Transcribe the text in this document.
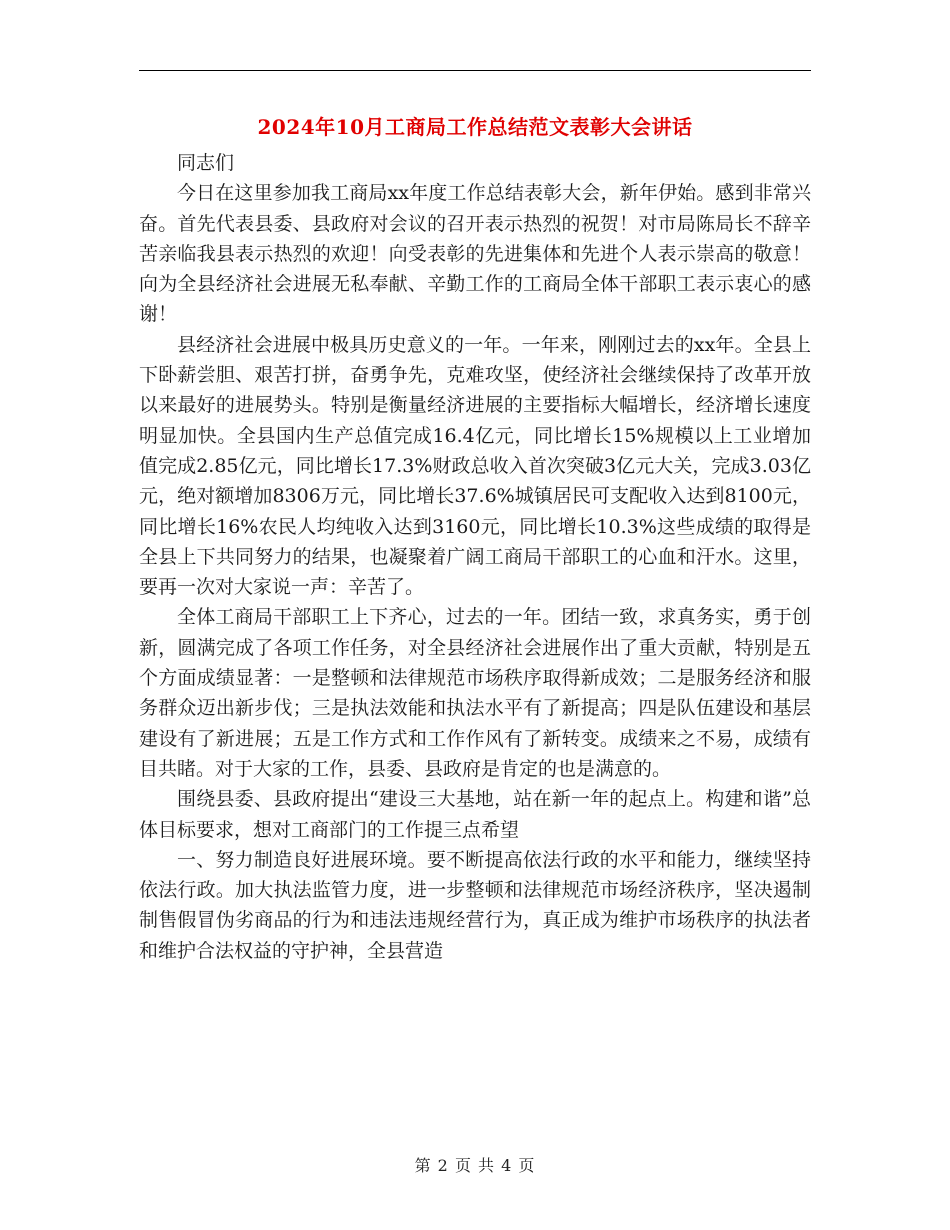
2024年10月工商局工作总结范文表彰大会讲话

同志们

今日在这里参加我工商局xx年度工作总结表彰大会，新年伊始。感到非常兴奋。首先代表县委、县政府对会议的召开表示热烈的祝贺！对市局陈局长不辞辛苦亲临我县表示热烈的欢迎！向受表彰的先进集体和先进个人表示崇高的敬意！向为全县经济社会进展无私奉献、辛勤工作的工商局全体干部职工表示衷心的感谢！

县经济社会进展中极具历史意义的一年。一年来，刚刚过去的xx年。全县上下卧薪尝胆、艰苦打拼，奋勇争先，克难攻坚，使经济社会继续保持了改革开放以来最好的进展势头。特别是衡量经济进展的主要指标大幅增长，经济增长速度明显加快。全县国内生产总值完成16.4亿元，同比增长15%规模以上工业增加值完成2.85亿元，同比增长17.3%财政总收入首次突破3亿元大关，完成3.03亿元，绝对额增加8306万元，同比增长37.6%城镇居民可支配收入达到8100元，同比增长16%农民人均纯收入达到3160元，同比增长10.3%这些成绩的取得是全县上下共同努力的结果，也凝聚着广阔工商局干部职工的心血和汗水。这里，要再一次对大家说一声：辛苦了。

全体工商局干部职工上下齐心，过去的一年。团结一致，求真务实，勇于创新，圆满完成了各项工作任务，对全县经济社会进展作出了重大贡献，特别是五个方面成绩显著：一是整顿和法律规范市场秩序取得新成效；二是服务经济和服务群众迈出新步伐；三是执法效能和执法水平有了新提高；四是队伍建设和基层建设有了新进展；五是工作方式和工作作风有了新转变。成绩来之不易，成绩有目共睹。对于大家的工作，县委、县政府是肯定的也是满意的。

围绕县委、县政府提出“建设三大基地，站在新一年的起点上。构建和谐”总体目标要求，想对工商部门的工作提三点希望

一、努力制造良好进展环境。要不断提高依法行政的水平和能力，继续坚持依法行政。加大执法监管力度，进一步整顿和法律规范市场经济秩序，坚决遏制制售假冒伪劣商品的行为和违法违规经营行为，真正成为维护市场秩序的执法者和维护合法权益的守护神，全县营造

第 2 页 共 4 页
